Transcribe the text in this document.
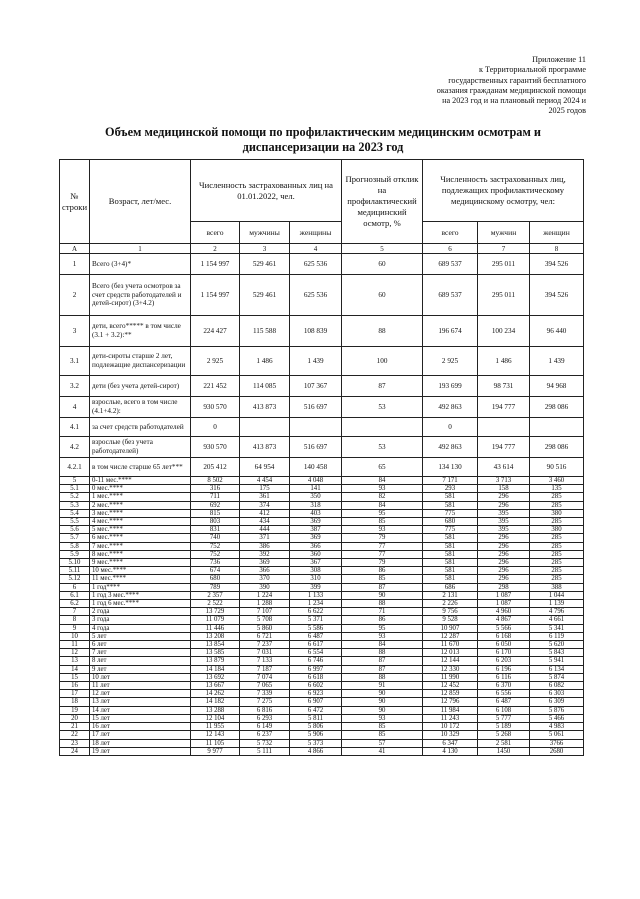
Приложение 11
к Территориальной программе
государственных гарантий бесплатного
оказания гражданам медицинской помощи
на 2023 год и на плановый период 2024 и
2025 годов
Объем медицинской помощи по профилактическим медицинским осмотрам и
диспансеризации на 2023 год
№ строки	Возраст, лет/мес.	Численность застрахованных лиц на 01.01.2022, чел.			Прогнозный отклик на профилактический медицинский осмотр, %	Численность застрахованных лиц, подлежащих профилактическому медицинскому осмотру, чел:		
		всего	мужчины	женщины		всего	мужчин	женщин
А	1	2	3	4	5	6	7	8
1	Всего (3+4)*	1 154 997	529 461	625 536	60	689 537	295 011	394 526
2	Всего (без учета осмотров за счет средств работодателей и детей-сирот) (3+4.2)	1 154 997	529 461	625 536	60	689 537	295 011	394 526
3	дети, всего***** в том числе (3.1 + 3.2):**	224 427	115 588	108 839	88	196 674	100 234	96 440
3.1	дети-сироты старше 2 лет, подлежащие диспансеризации	2 925	1 486	1 439	100	2 925	1 486	1 439
3.2	дети (без учета детей-сирот)	221 452	114 085	107 367	87	193 699	98 731	94 968
4	взрослые, всего в том числе (4.1+4.2):	930 570	413 873	516 697	53	492 863	194 777	298 086
4.1	за счет средств работодателей	0				0		
4.2	взрослые (без учета работодателей)	930 570	413 873	516 697	53	492 863	194 777	298 086
4.2.1	в том числе старше 65 лет***	205 412	64 954	140 458	65	134 130	43 614	90 516
5	0-11 мес.****	8 502	4 454	4 048	84	7 171	3 713	3 460
5.1	0 мес.****	316	175	141	93	293	158	135
5.2	1 мес.****	711	361	350	82	581	296	285
5.3	2 мес.****	692	374	318	84	581	296	285
5.4	3 мес.****	815	412	403	95	775	395	380
5.5	4 мес.****	803	434	369	85	680	395	285
5.6	5 мес.****	831	444	387	93	775	395	380
5.7	6 мес.****	740	371	369	79	581	296	285
5.8	7 мес.****	752	386	366	77	581	296	285
5.9	8 мес.****	752	392	360	77	581	296	285
5.10	9 мес.****	736	369	367	79	581	296	285
5.11	10 мес.****	674	366	308	86	581	296	285
5.12	11 мес.****	680	370	310	85	581	296	285
6	1 год****	789	390	399	87	686	298	388
6.1	1 год 3 мес.****	2 357	1 224	1 133	90	2 131	1 087	1 044
6.2	1 год 6 мес.****	2 522	1 288	1 234	88	2 226	1 087	1 139
7	2 года	13 729	7 107	6 622	71	9 756	4 960	4 796
8	3 года	11 079	5 708	5 371	86	9 528	4 867	4 661
9	4 года	11 446	5 860	5 586	95	10 907	5 566	5 341
10	5 лет	13 208	6 721	6 487	93	12 287	6 168	6 119
11	6 лет	13 854	7 237	6 617	84	11 670	6 050	5 620
12	7 лет	13 585	7 031	6 554	88	12 013	6 170	5 843
13	8 лет	13 879	7 133	6 746	87	12 144	6 203	5 941
14	9 лет	14 184	7 187	6 997	87	12 330	6 196	6 134
15	10 лет	13 692	7 074	6 618	88	11 990	6 116	5 874
16	11 лет	13 667	7 065	6 602	91	12 452	6 370	6 082
17	12 лет	14 262	7 339	6 923	90	12 859	6 556	6 303
18	13 лет	14 182	7 275	6 907	90	12 796	6 487	6 309
19	14 лет	13 288	6 816	6 472	90	11 984	6 108	5 876
20	15 лет	12 104	6 293	5 811	93	11 243	5 777	5 466
21	16 лет	11 955	6 149	5 806	85	10 172	5 189	4 983
22	17 лет	12 143	6 237	5 906	85	10 329	5 268	5 061
23	18 лет	11 105	5 732	5 373	57	6 347	2 581	3766
24	19 лет	9 977	5 111	4 866	41	4 130	1450	2680
